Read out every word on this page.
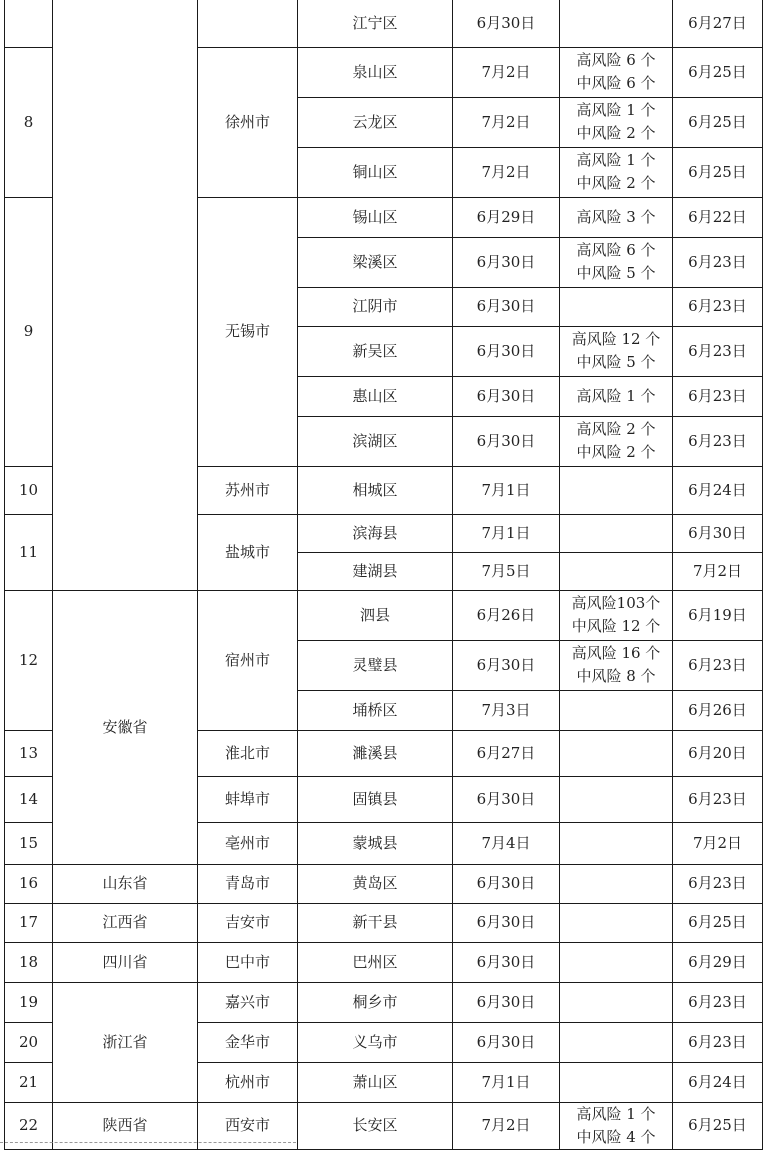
			江宁区	6月30日		6月27日
8		徐州市	泉山区	7月2日	高风险 6 个
中风险 6 个	6月25日
			云龙区	7月2日	高风险 1 个
中风险 2 个	6月25日
			铜山区	7月2日	高风险 1 个
中风险 2 个	6月25日
9		无锡市	锡山区	6月29日	高风险 3 个	6月22日
			梁溪区	6月30日	高风险 6 个
中风险 5 个	6月23日
			江阴市	6月30日		6月23日
			新吴区	6月30日	高风险 12 个
中风险 5 个	6月23日
			惠山区	6月30日	高风险 1 个	6月23日
			滨湖区	6月30日	高风险 2 个
中风险 2 个	6月23日
10		苏州市	相城区	7月1日		6月24日
11		盐城市	滨海县	7月1日		6月30日
			建湖县	7月5日		7月2日
12	安徽省	宿州市	泗县	6月26日	高风险103个
中风险 12 个	6月19日
			灵璧县	6月30日	高风险 16 个
中风险 8 个	6月23日
			埇桥区	7月3日		6月26日
13		淮北市	濉溪县	6月27日		6月20日
14		蚌埠市	固镇县	6月30日		6月23日
15		亳州市	蒙城县	7月4日		7月2日
16	山东省	青岛市	黄岛区	6月30日		6月23日
17	江西省	吉安市	新干县	6月30日		6月25日
18	四川省	巴中市	巴州区	6月30日		6月29日
19	浙江省	嘉兴市	桐乡市	6月30日		6月23日
20		金华市	义乌市	6月30日		6月23日
21		杭州市	萧山区	7月1日		6月24日
22	陕西省	西安市	长安区	7月2日	高风险 1 个
中风险 4 个	6月25日
